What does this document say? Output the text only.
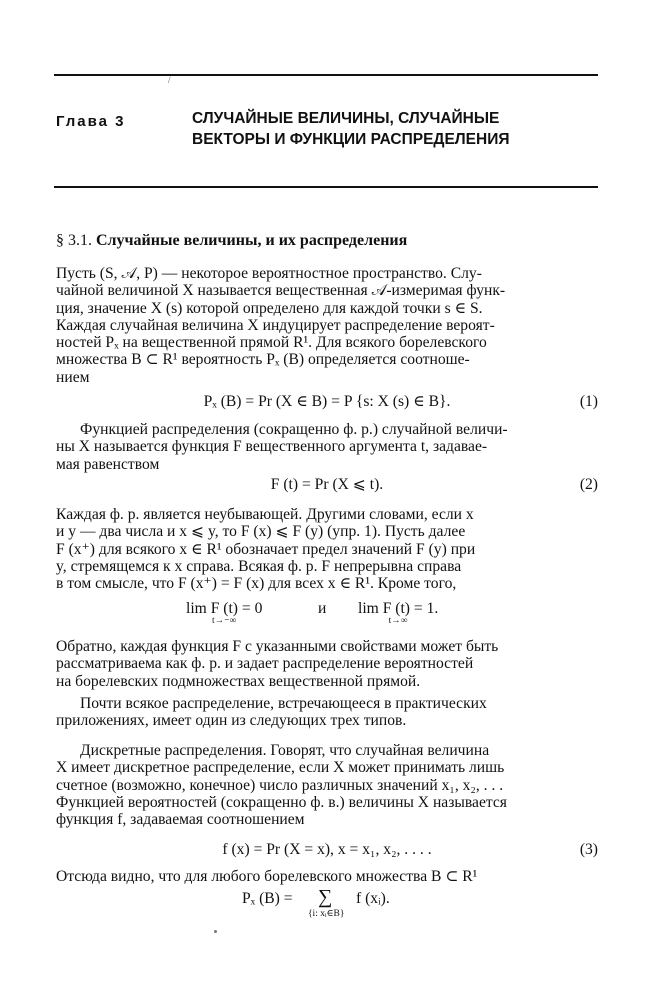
/
Глава 3	СЛУЧАЙНЫЕ ВЕЛИЧИНЫ, СЛУЧАЙНЫЕ
ВЕКТОРЫ И ФУНКЦИИ РАСПРЕДЕЛЕНИЯ
§ 3.1. Случайные величины, и их распределения
Пусть (S, 𝒜, P) — некоторое вероятностное пространство. Слу-
чайной величиной X называется вещественная 𝒜-измеримая функ-
ция, значение X (s) которой определено для каждой точки s ∈ S.
Каждая случайная величина X индуцирует распределение вероят-
ностей Pₓ на вещественной прямой R¹. Для всякого борелевского
множества B ⊂ R¹ вероятность Pₓ (B) определяется соотноше-
нием
Pₓ (B) = Pr (X ∈ B) = P {s: X (s) ∈ B}.	(1)
Функцией распределения (сокращенно ф. р.) случайной величи-
ны X называется функция F вещественного аргумента t, задавае-
мая равенством
F (t) = Pr (X ⩽ t).	(2)
Каждая ф. р. является неубывающей. Другими словами, если x
и y — два числа и x ⩽ y, то F (x) ⩽ F (y) (упр. 1). Пусть далее
F (x⁺) для всякого x ∈ R¹ обозначает предел значений F (y) при
y, стремящемся к x справа. Всякая ф. р. F непрерывна справа
в том смысле, что F (x⁺) = F (x) для всех x ∈ R¹. Кроме того,
lim F (t) = 0
t→−∞
и lim F (t) = 1.
t→∞
Обратно, каждая функция F с указанными свойствами может быть
рассматриваема как ф. р. и задает распределение вероятностей
на борелевских подмножествах вещественной прямой.
Почти всякое распределение, встречающееся в практических
приложениях, имеет один из следующих трех типов.
Дискретные распределения. Говорят, что случайная величина
X имеет дискретное распределение, если X может принимать лишь
счетное (возможно, конечное) число различных значений x₁, x₂, . . .
Функцией вероятностей (сокращенно ф. в.) величины X называется
функция f, задаваемая соотношением
f (x) = Pr (X = x), x = x₁, x₂, . . . .	(3)
Отсюда видно, что для любого борелевского множества B ⊂ R¹
Pₓ (B) = ∑
{i: xᵢ∈B}
f (xᵢ).
